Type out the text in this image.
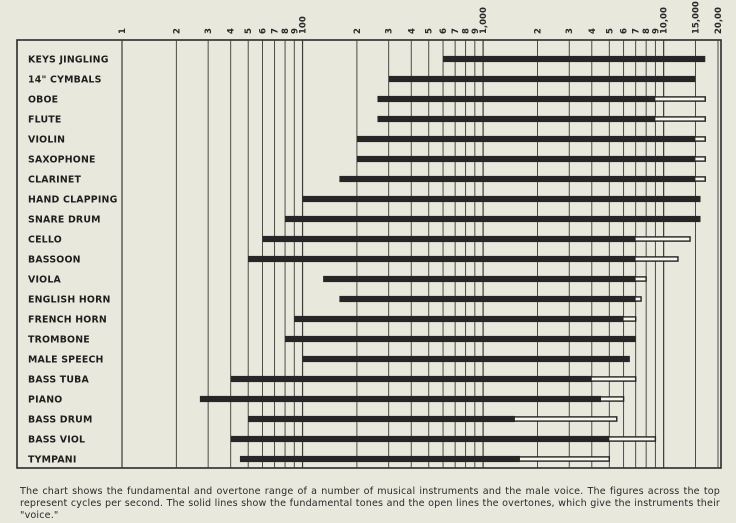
1	2	3 4 5 6 7 8 9
100	2	3 4 5 6 7 8 9
1,000	2	3 4 5 6 7 8 9
10,00	15,000 20,00
KEYS JINGLING
14" CYMBALS
OBOE
FLUTE
VIOLIN
SAXOPHONE
CLARINET
HAND CLAPPING
SNARE DRUM
CELLO
BASSOON
VIOLA
ENGLISH HORN
FRENCH HORN
TROMBONE
MALE SPEECH
BASS TUBA
PIANO
BASS DRUM
BASS VIOL
TYMPANI
The chart shows the fundamental and overtone range of a number of musical instruments and the male voice. The figures across the top represent cycles per second. The solid lines show the fundamental tones and the open lines the overtones, which give the instruments their "voice."
